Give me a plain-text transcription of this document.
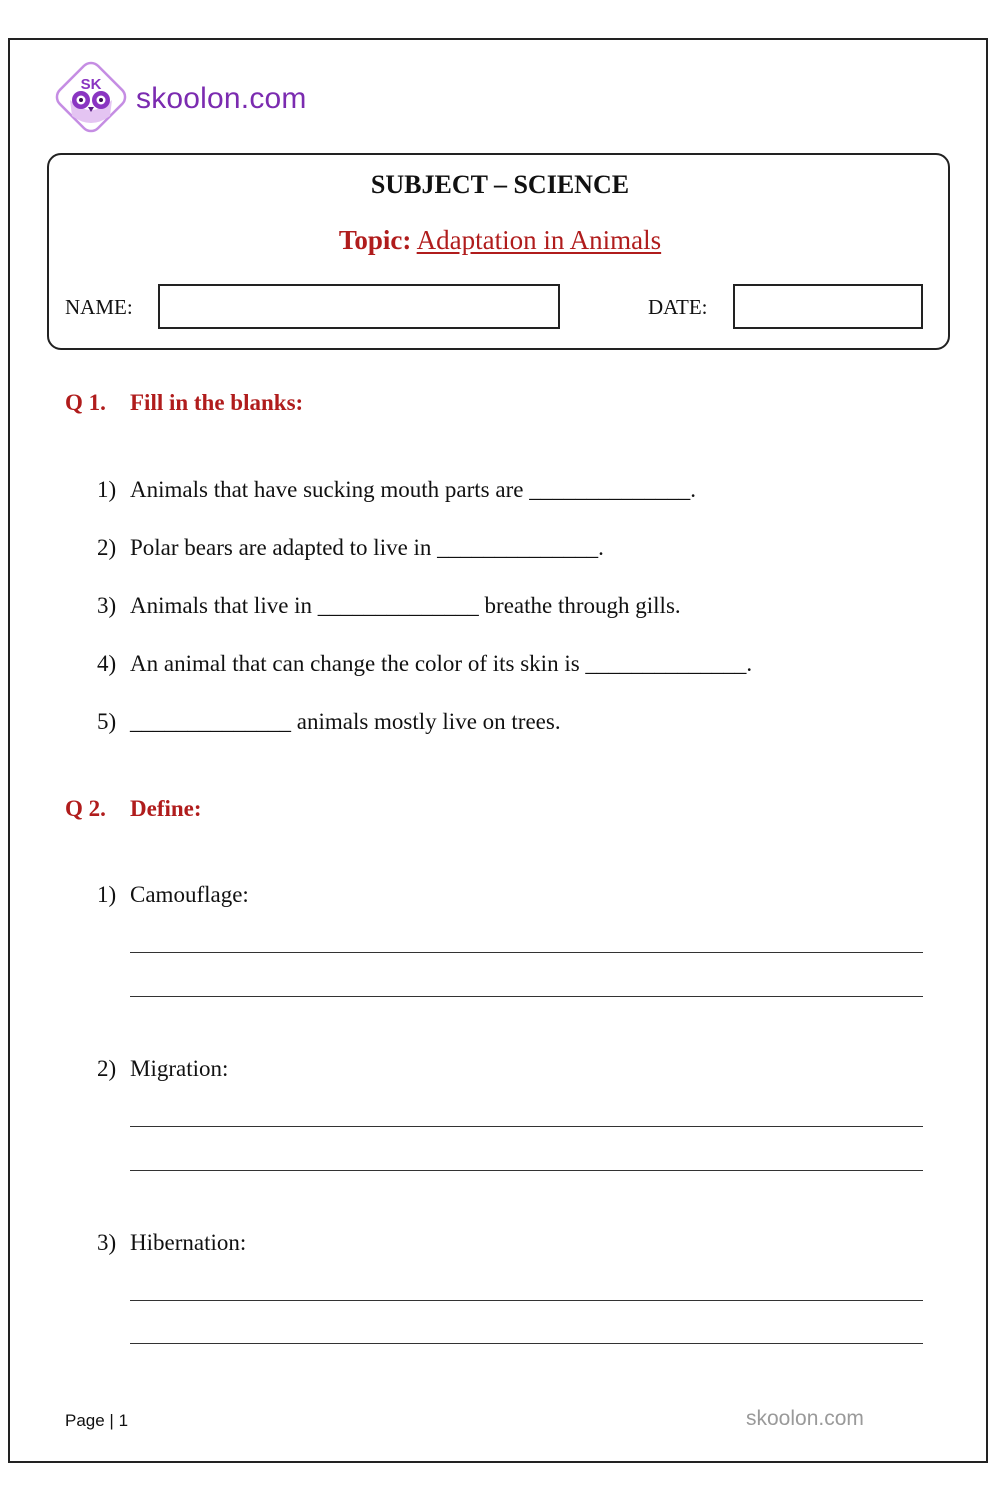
SK skoolon.com
SUBJECT – SCIENCE
Topic: Adaptation in Animals
NAME:	DATE:
Q 1. Fill in the blanks:
1) Animals that have sucking mouth parts are ______________.
2) Polar bears are adapted to live in ______________.
3) Animals that live in ______________ breathe through gills.
4) An animal that can change the color of its skin is ______________.
5) ______________ animals mostly live on trees.
Q 2. Define:
1) Camouflage:
2) Migration:
3) Hibernation:
Page | 1	skoolon.com
